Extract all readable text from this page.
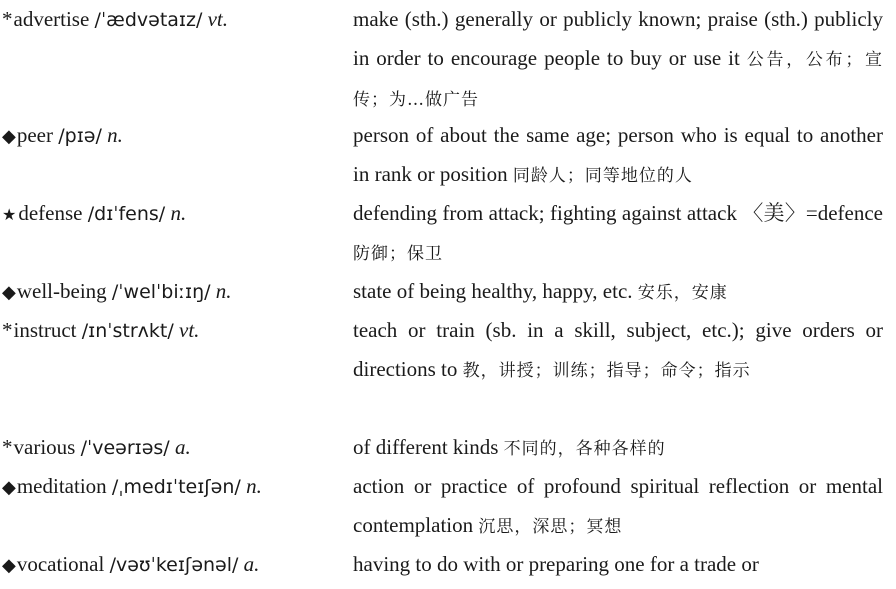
*advertise /ˈædvətaɪz/ vt.	make (sth.) generally or publicly known; praise (sth.) publicly in order to encourage people to buy or use it 公告，公布；宣传；为…做广告
◆peer /pɪə/ n.	person of about the same age; person who is equal to another in rank or position 同龄人；同等地位的人
★defense /dɪˈfens/ n.	defending from attack; fighting against attack 〈美〉=defence 防御；保卫
◆well-being /ˈwelˈbiːɪŋ/ n.	state of being healthy, happy, etc. 安乐，安康
*instruct /ɪnˈstrʌkt/ vt.	teach or train (sb. in a skill, subject, etc.); give orders or directions to 教，讲授；训练；指导；命令；指示
*various /ˈveərɪəs/ a.	of different kinds 不同的，各种各样的
◆meditation /ˌmedɪˈteɪʃən/ n.	action or practice of profound spiritual reflection or mental contemplation 沉思，深思；冥想
◆vocational /vəʊˈkeɪʃənəl/ a.	having to do with or preparing one for a trade or
